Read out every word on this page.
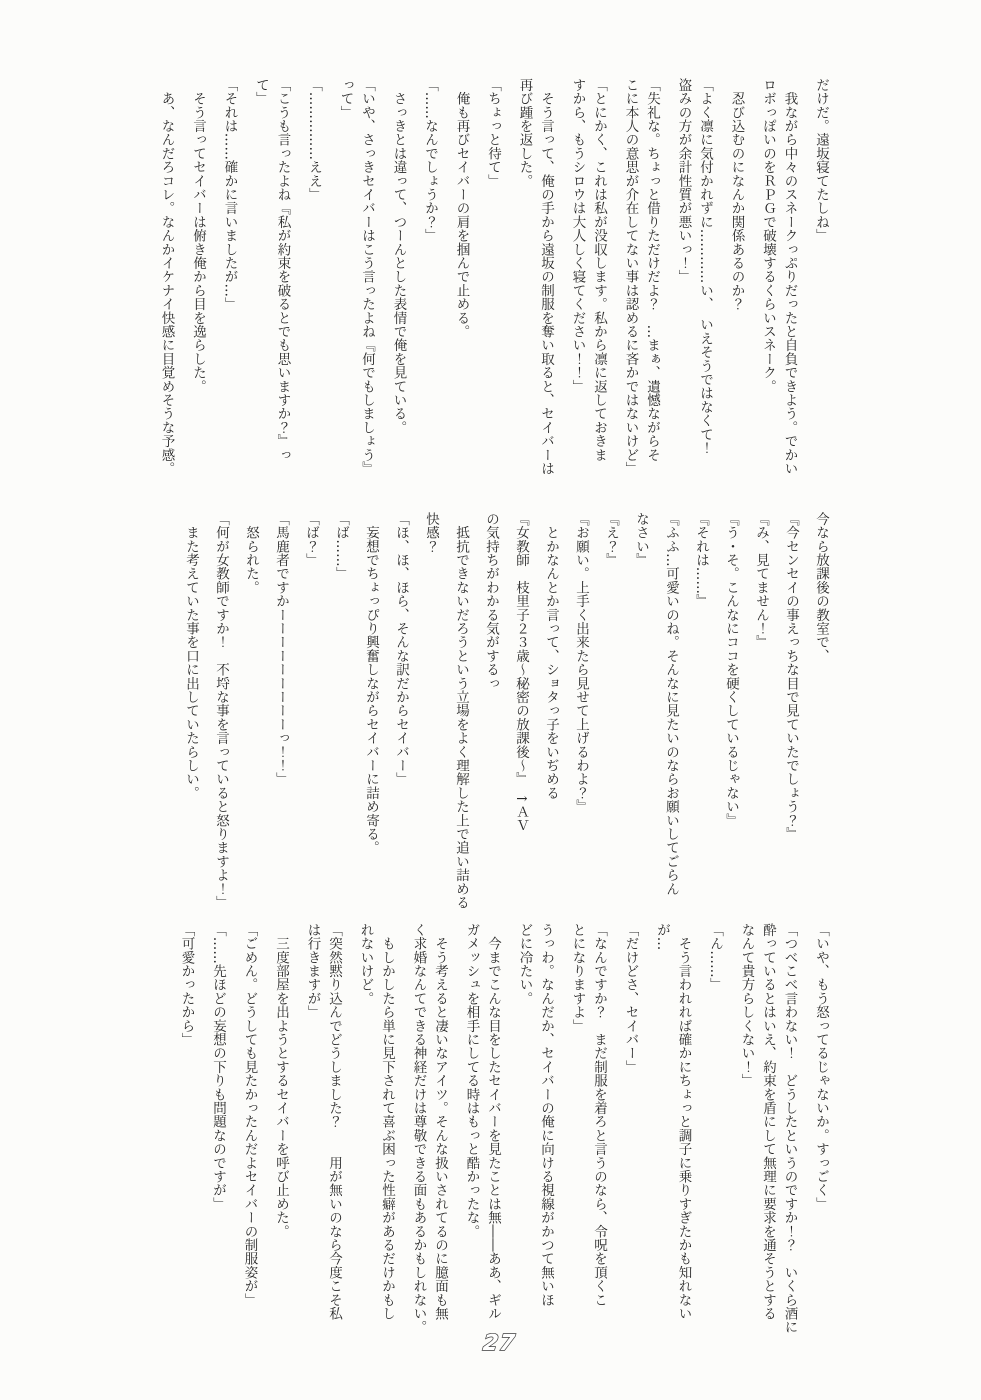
だけだ。遠坂寝てたしね」

　我ながら中々のスネークっぷりだったと自負できよう。でかい
ロボっぽいのをＲＰＧで破壊するくらいスネーク。

　忍び込むのになんか関係あるのか？

「よく凛に気付かれずに…………い、　いえそうではなくて！
盗みの方が余計性質が悪いっ！」

「失礼な。ちょっと借りただけだよ？　…まぁ、遺憾ながらそ
こに本人の意思が介在してない事は認めるに吝かではないけど」

「とにかく、これは私が没収します。私から凛に返しておきま
すから、もうシロウは大人しく寝てください！！」

　そう言って、俺の手から遠坂の制服を奪い取ると、セイバーは
再び踵を返した。

「ちょっと待て」

　俺も再びセイバーの肩を掴んで止める。

「……なんでしょうか？」

　さっきとは違って、つーんとした表情で俺を見ている。

「いや、さっきセイバーはこう言ったよね『何でもしましょう』
って」

「……………ええ」

「こうも言ったよね『私が約束を破るとでも思いますか？』っ
て」

「それは……確かに言いましたが…」

　そう言ってセイバーは俯き俺から目を逸らした。

　あ、なんだろコレ。なんかイケナイ快感に目覚めそうな予感。

今なら放課後の教室で、

『今センセイの事えっちな目で見ていたでしょう？』

『み、見てません！』

『う・そ。こんなにココを硬くしているじゃない』

『それは……』

『ふふ…可愛いのね。そんなに見たいのならお願いしてごらん

なさい』

『え？』

『お願い。上手く出来たら見せて上げるわよ？』

　とかなんとか言って、ショタっ子をいぢめる

『女教師　枝里子２３歳〜秘密の放課後〜』　↑ＡＶ

の気持ちがわかる気がするっ

　抵抗できないだろうという立場をよく理解した上で追い詰める

快感？

「ほ、ほ、ほら、そんな訳だからセイバー」

　妄想でちょっぴり興奮しながらセイバーに詰め寄る。

「ば……」

「ば？」

「馬鹿者ですかーーーーーーーーーっ！！」

　怒られた。

「何が女教師ですか！　不埒な事を言っていると怒りますよ！」

　また考えていた事を口に出していたらしい。

「いや、もう怒ってるじゃないか。すっごく」

「つべこべ言わない！　どうしたというのですか！？　いくら酒に
酔っているとはいえ、約束を盾にして無理に要求を通そうとする
なんて貴方らしくない！」

「ん……」

　そう言われれば確かにちょっと調子に乗りすぎたかも知れない
が…

「だけどさ、セイバー」

「なんですか？　まだ制服を着ろと言うのなら、令呪を頂くこ
とになりますよ」

うっわ。なんだか、セイバーの俺に向ける視線がかつて無いほ
どに冷たい。

　今までこんな目をしたセイバーを見たことは無――ああ、ギル
ガメッシュを相手にしてる時はもっと酷かったな。

　そう考えると凄いなアイツ。そんな扱いされてるのに臆面も無
く求婚なんてできる神経だけは尊敬できる面もあるかもしれない。

　もしかしたら単に見下されて喜ぶ困った性癖があるだけかもし
れないけど。

「突然黙り込んでどうしました？　　用が無いのなら今度こそ私
は行きますが」

　三度部屋を出ようとするセイバーを呼び止めた。

「ごめん。どうしても見たかったんだよセイバーの制服姿が」

「……先ほどの妄想の下りも問題なのですが」

「可愛かったから」

27
